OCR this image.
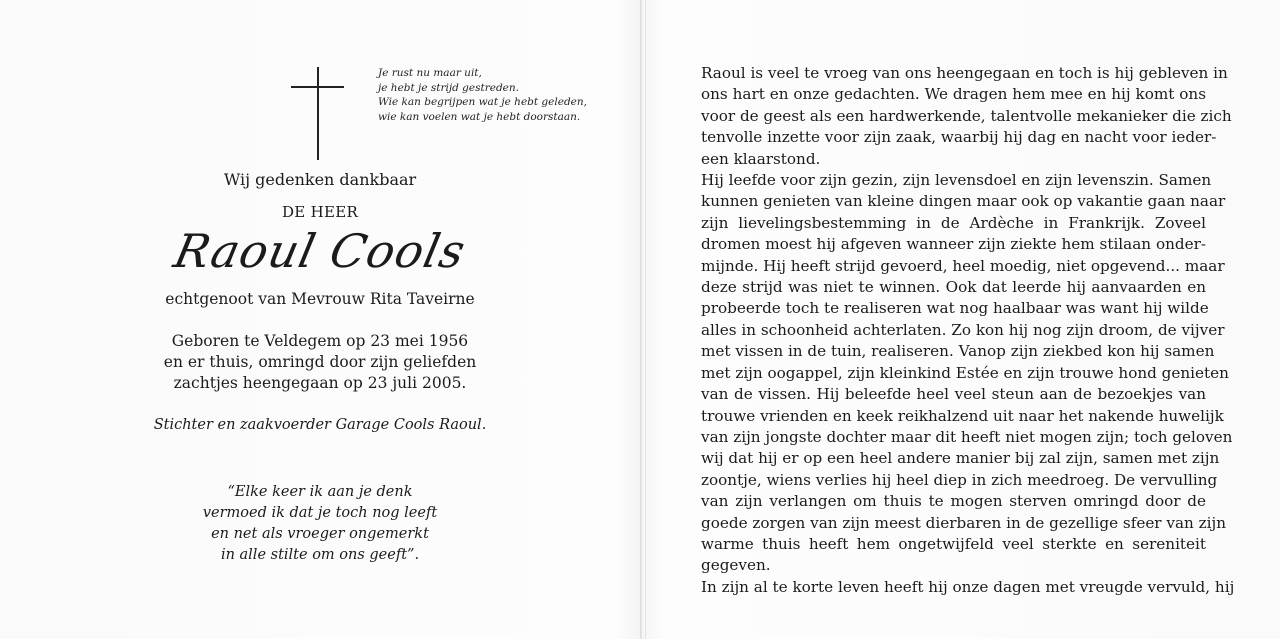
Je rust nu maar uit,
je hebt je strijd gestreden.
Wie kan begrijpen wat je hebt geleden,
wie kan voelen wat je hebt doorstaan.
Wij gedenken dankbaar
DE HEER
Raoul Cools
echtgenoot van Mevrouw Rita Taveirne
Geboren te Veldegem op 23 mei 1956
en er thuis, omringd door zijn geliefden
zachtjes heengegaan op 23 juli 2005.
Stichter en zaakvoerder Garage Cools Raoul.
“Elke keer ik aan je denk
vermoed ik dat je toch nog leeft
en net als vroeger ongemerkt
in alle stilte om ons geeft”.
Raoul is veel te vroeg van ons heengegaan en toch is hij gebleven in
ons hart en onze gedachten. We dragen hem mee en hij komt ons
voor de geest als een hardwerkende, talentvolle mekanieker die zich
tenvolle inzette voor zijn zaak, waarbij hij dag en nacht voor ieder-
een klaarstond.
Hij leefde voor zijn gezin, zijn levensdoel en zijn levenszin. Samen
kunnen genieten van kleine dingen maar ook op vakantie gaan naar
zijn lievelingsbestemming in de Ardèche in Frankrijk. Zoveel
dromen moest hij afgeven wanneer zijn ziekte hem stilaan onder-
mijnde. Hij heeft strijd gevoerd, heel moedig, niet opgevend... maar
deze strijd was niet te winnen. Ook dat leerde hij aanvaarden en
probeerde toch te realiseren wat nog haalbaar was want hij wilde
alles in schoonheid achterlaten. Zo kon hij nog zijn droom, de vijver
met vissen in de tuin, realiseren. Vanop zijn ziekbed kon hij samen
met zijn oogappel, zijn kleinkind Estée en zijn trouwe hond genieten
van de vissen. Hij beleefde heel veel steun aan de bezoekjes van
trouwe vrienden en keek reikhalzend uit naar het nakende huwelijk
van zijn jongste dochter maar dit heeft niet mogen zijn; toch geloven
wij dat hij er op een heel andere manier bij zal zijn, samen met zijn
zoontje, wiens verlies hij heel diep in zich meedroeg. De vervulling
van zijn verlangen om thuis te mogen sterven omringd door de
goede zorgen van zijn meest dierbaren in de gezellige sfeer van zijn
warme thuis heeft hem ongetwijfeld veel sterkte en sereniteit
gegeven.
In zijn al te korte leven heeft hij onze dagen met vreugde vervuld, hij
